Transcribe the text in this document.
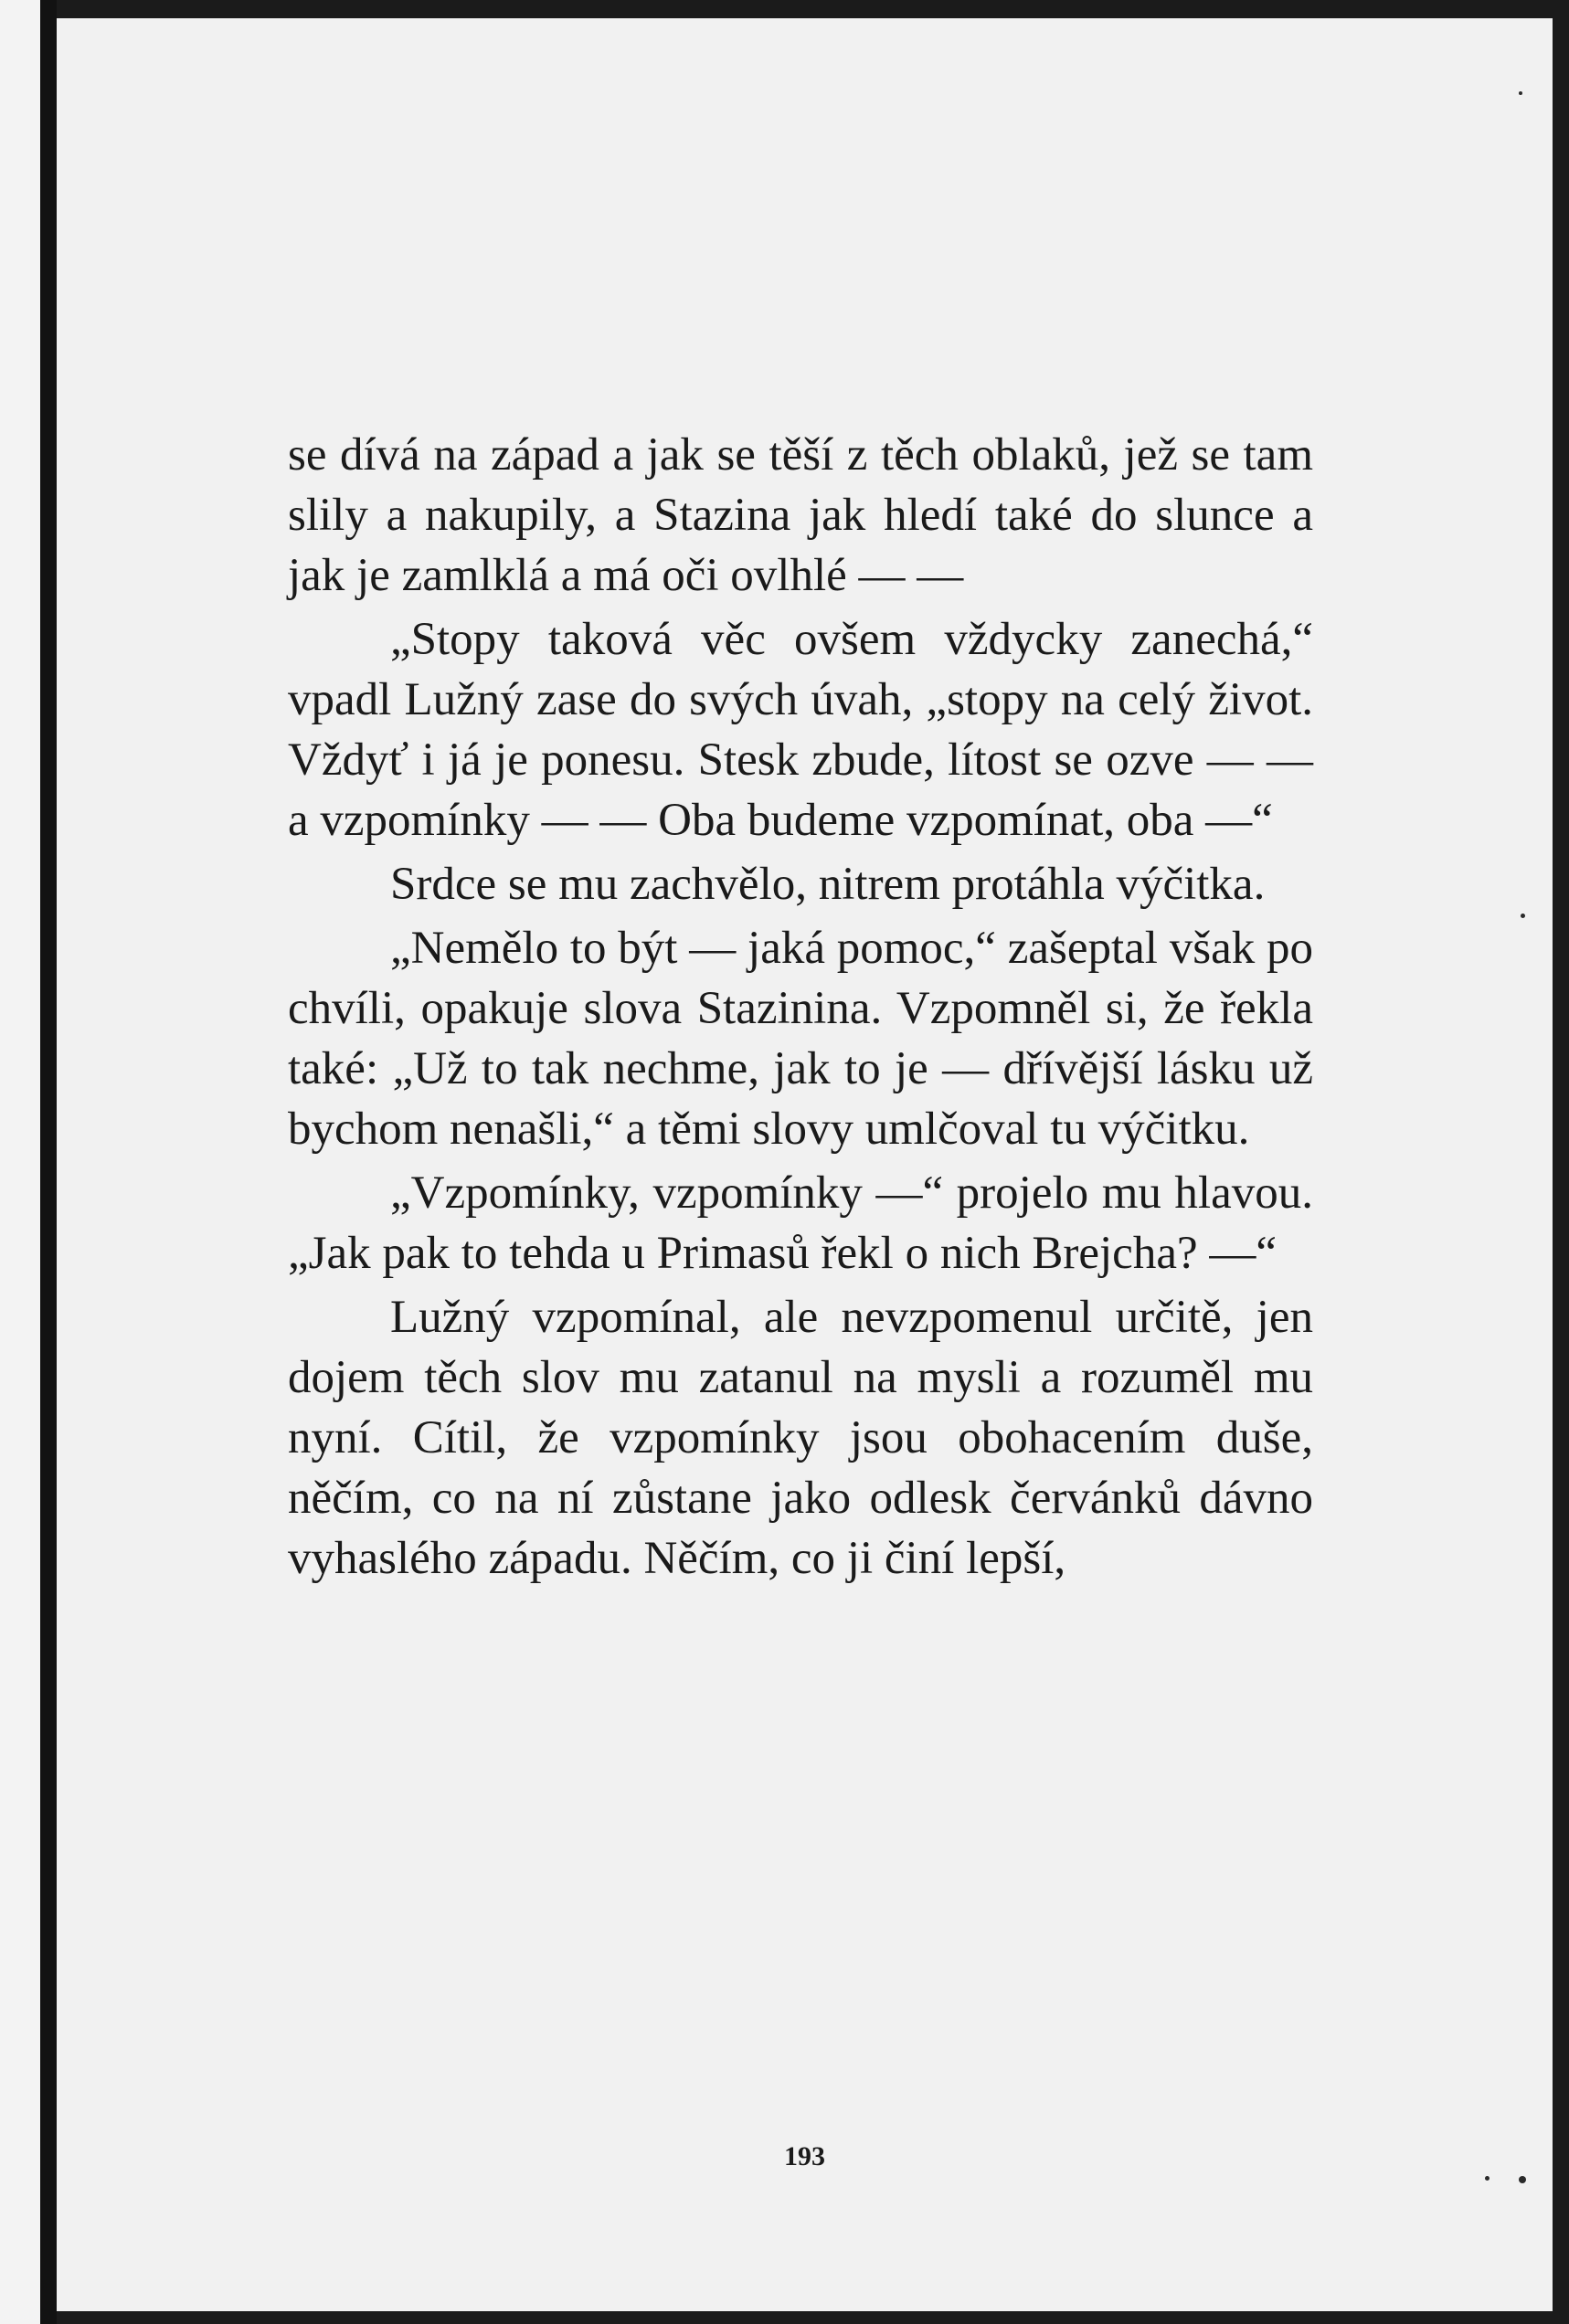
se dívá na západ a jak se těší z těch oblaků, jež se tam slily a nakupily, a Stazina jak hledí také do slunce a jak je zamlklá a má oči ovlhlé — —

„Stopy taková věc ovšem vždycky zanechá,“ vpadl Lužný zase do svých úvah, „stopy na celý život. Vždyť i já je ponesu. Stesk zbude, lítost se ozve — — a vzpomínky — — Oba budeme vzpomínat, oba —“

Srdce se mu zachvělo, nitrem protáhla výčitka.

„Nemělo to být — jaká pomoc,“ zašeptal však po chvíli, opakuje slova Stazinina. Vzpomněl si, že řekla také: „Už to tak nechme, jak to je — dřívější lásku už bychom nenašli,“ a těmi slovy umlčoval tu výčitku.

„Vzpomínky, vzpomínky —“ projelo mu hlavou. „Jak pak to tehda u Primasů řekl o nich Brejcha? —“

Lužný vzpomínal, ale nevzpomenul určitě, jen dojem těch slov mu zatanul na mysli a rozuměl mu nyní. Cítil, že vzpomínky jsou obohacením duše, něčím, co na ní zůstane jako odlesk červánků dávno vyhaslého západu. Něčím, co ji činí lepší,

193
